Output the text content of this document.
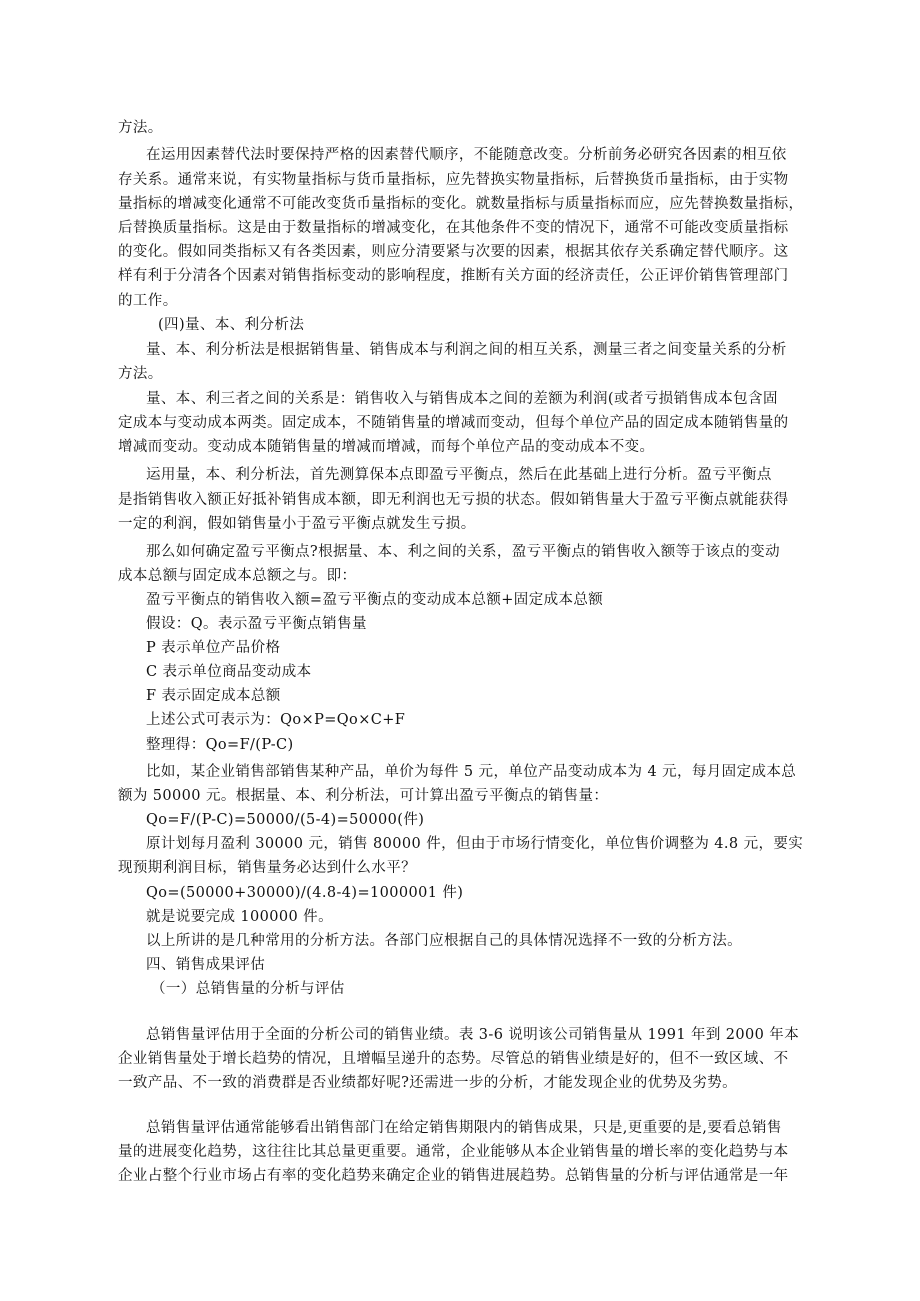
方法。
在运用因素替代法时要保持严格的因素替代顺序，不能随意改变。分析前务必研究各因素的相互依
存关系。通常来说，有实物量指标与货币量指标，应先替换实物量指标，后替换货币量指标，由于实物
量指标的增减变化通常不可能改变货币量指标的变化。就数量指标与质量指标而应，应先替换数量指标，
后替换质量指标。这是由于数量指标的增减变化，在其他条件不变的情况下，通常不可能改变质量指标
的变化。假如同类指标又有各类因素，则应分清要紧与次要的因素，根据其依存关系确定替代顺序。这
样有利于分清各个因素对销售指标变动的影响程度，推断有关方面的经济责任，公正评价销售管理部门
的工作。
(四)量、本、利分析法
量、本、利分析法是根据销售量、销售成本与利润之间的相互关系，测量三者之间变量关系的分析
方法。
量、本、利三者之间的关系是：销售收入与销售成本之间的差额为利润(或者亏损销售成本包含固
定成本与变动成本两类。固定成本，不随销售量的增减而变动，但每个单位产品的固定成本随销售量的
增减而变动。变动成本随销售量的增减而增减，而每个单位产品的变动成本不变。
运用量，本、利分析法，首先测算保本点即盈亏平衡点，然后在此基础上进行分析。盈亏平衡点
是指销售收入额正好抵补销售成本额，即无利润也无亏损的状态。假如销售量大于盈亏平衡点就能获得
一定的利润，假如销售量小于盈亏平衡点就发生亏损。
那么如何确定盈亏平衡点?根据量、本、利之间的关系，盈亏平衡点的销售收入额等于该点的变动
成本总额与固定成本总额之与。即：
盈亏平衡点的销售收入额=盈亏平衡点的变动成本总额+固定成本总额
假设：Q。表示盈亏平衡点销售量
P 表示单位产品价格
C 表示单位商品变动成本
F 表示固定成本总额
上述公式可表示为：Qo×P=Qo×C+F
整理得：Qo=F/(P-C)
比如，某企业销售部销售某种产品，单价为每件 5 元，单位产品变动成本为 4 元，每月固定成本总
额为 50000 元。根据量、本、利分析法，可计算出盈亏平衡点的销售量：
Qo=F/(P-C)=50000/(5-4)=50000(件)
原计划每月盈利 30000 元，销售 80000 件，但由于市场行情变化，单位售价调整为 4.8 元，要实
现预期利润目标，销售量务必达到什么水平？
Qo=(50000+30000)/(4.8-4)=1000001 件)
就是说要完成 100000 件。
以上所讲的是几种常用的分析方法。各部门应根据自己的具体情况选择不一致的分析方法。
四、销售成果评估
（一）总销售量的分析与评估
总销售量评估用于全面的分析公司的销售业绩。表 3-6 说明该公司销售量从 1991 年到 2000 年本
企业销售量处于增长趋势的情况，且增幅呈递升的态势。尽管总的销售业绩是好的，但不一致区域、不
一致产品、不一致的消费群是否业绩都好呢?还需进一步的分析，才能发现企业的优势及劣势。
总销售量评估通常能够看出销售部门在给定销售期限内的销售成果，只是,更重要的是,要看总销售
量的进展变化趋势，这往往比其总量更重要。通常，企业能够从本企业销售量的增长率的变化趋势与本
企业占整个行业市场占有率的变化趋势来确定企业的销售进展趋势。总销售量的分析与评估通常是一年
